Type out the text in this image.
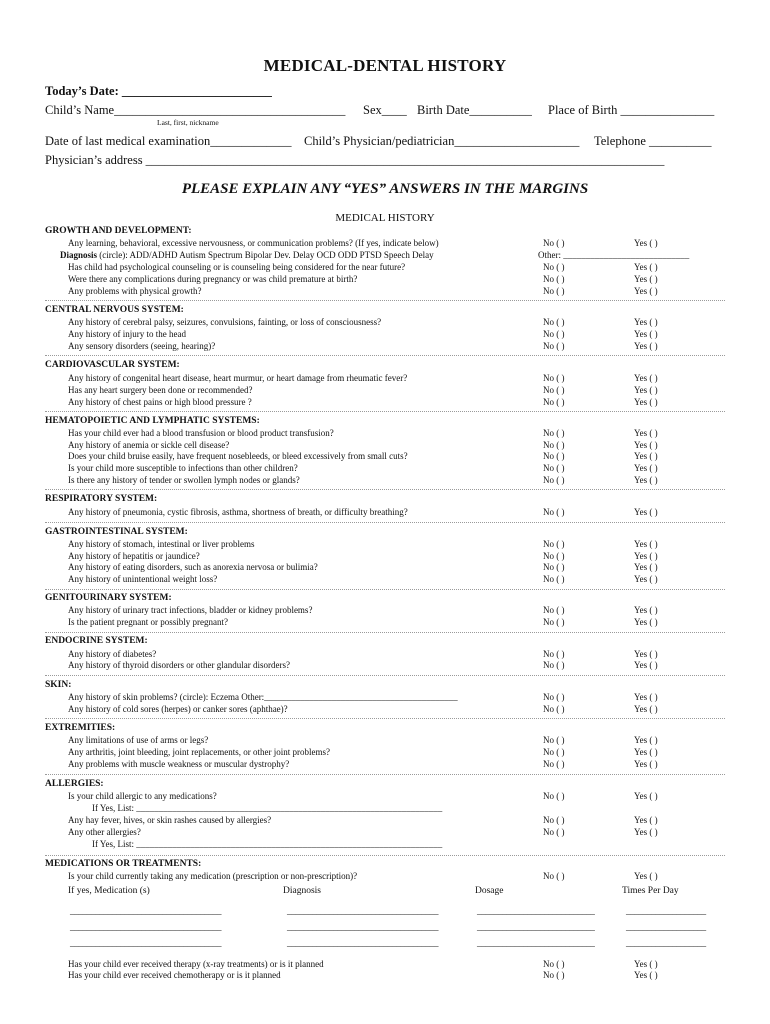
MEDICAL-DENTAL HISTORY
Today’s Date: ________________________
Child’s Name_____________________________________ Sex____ Birth Date__________ Place of Birth _______________
Last, first, nickname
Date of last medical examination_____________ Child’s Physician/pediatrician____________________ Telephone __________
Physician’s address ___________________________________________________________________________________
PLEASE EXPLAIN ANY “YES” ANSWERS IN THE MARGINS
MEDICAL HISTORY
GROWTH AND DEVELOPMENT:
Any learning, behavioral, excessive nervousness, or communication problems? (If yes, indicate below)	No ( )	Yes ( )
Diagnosis (circle): ADD/ADHD Autism Spectrum Bipolar Dev. Delay OCD ODD PTSD Speech Delay	Other: ____________________________
Has child had psychological counseling or is counseling being considered for the near future?	No ( )	Yes ( )
Were there any complications during pregnancy or was child premature at birth?	No ( )	Yes ( )
Any problems with physical growth?	No ( )	Yes ( )
CENTRAL NERVOUS SYSTEM:
Any history of cerebral palsy, seizures, convulsions, fainting, or loss of consciousness?	No ( )	Yes ( )
Any history of injury to the head	No ( )	Yes ( )
Any sensory disorders (seeing, hearing)?	No ( )	Yes ( )
CARDIOVASCULAR SYSTEM:
Any history of congenital heart disease, heart murmur, or heart damage from rheumatic fever?	No ( )	Yes ( )
Has any heart surgery been done or recommended?	No ( )	Yes ( )
Any history of chest pains or high blood pressure ?	No ( )	Yes ( )
HEMATOPOIETIC AND LYMPHATIC SYSTEMS:
Has your child ever had a blood transfusion or blood product transfusion?	No ( )	Yes ( )
Any history of anemia or sickle cell disease?	No ( )	Yes ( )
Does your child bruise easily, have frequent nosebleeds, or bleed excessively from small cuts?	No ( )	Yes ( )
Is your child more susceptible to infections than other children?	No ( )	Yes ( )
Is there any history of tender or swollen lymph nodes or glands?	No ( )	Yes ( )
RESPIRATORY SYSTEM:
Any history of pneumonia, cystic fibrosis, asthma, shortness of breath, or difficulty breathing?	No ( )	Yes ( )
GASTROINTESTINAL SYSTEM:
Any history of stomach, intestinal or liver problems	No ( )	Yes ( )
Any history of hepatitis or jaundice?	No ( )	Yes ( )
Any history of eating disorders, such as anorexia nervosa or bulimia?	No ( )	Yes ( )
Any history of unintentional weight loss?	No ( )	Yes ( )
GENITOURINARY SYSTEM:
Any history of urinary tract infections, bladder or kidney problems?	No ( )	Yes ( )
Is the patient pregnant or possibly pregnant?	No ( )	Yes ( )
ENDOCRINE SYSTEM:
Any history of diabetes?	No ( )	Yes ( )
Any history of thyroid disorders or other glandular disorders?	No ( )	Yes ( )
SKIN:
Any history of skin problems? (circle): Eczema Other:___________________________________________	No ( )	Yes ( )
Any history of cold sores (herpes) or canker sores (aphthae)?	No ( )	Yes ( )
EXTREMITIES:
Any limitations of use of arms or legs?	No ( )	Yes ( )
Any arthritis, joint bleeding, joint replacements, or other joint problems?	No ( )	Yes ( )
Any problems with muscle weakness or muscular dystrophy?	No ( )	Yes ( )
ALLERGIES:
Is your child allergic to any medications?	No ( )	Yes ( )
If Yes, List: ____________________________________________________________________
Any hay fever, hives, or skin rashes caused by allergies?	No ( )	Yes ( )
Any other allergies?	No ( )	Yes ( )
If Yes, List: ____________________________________________________________________
MEDICATIONS OR TREATMENTS:
Is your child currently taking any medication (prescription or non-prescription)?	No ( )	Yes ( )
If yes, Medication (s)	Diagnosis	Dosage	Times Per Day
____________________________________	____________________________________	____________________________	___________________
____________________________________	____________________________________	____________________________	___________________
____________________________________	____________________________________	____________________________	___________________
Has your child ever received therapy (x-ray treatments) or is it planned	No ( )	Yes ( )
Has your child ever received chemotherapy or is it planned	No ( )	Yes ( )
